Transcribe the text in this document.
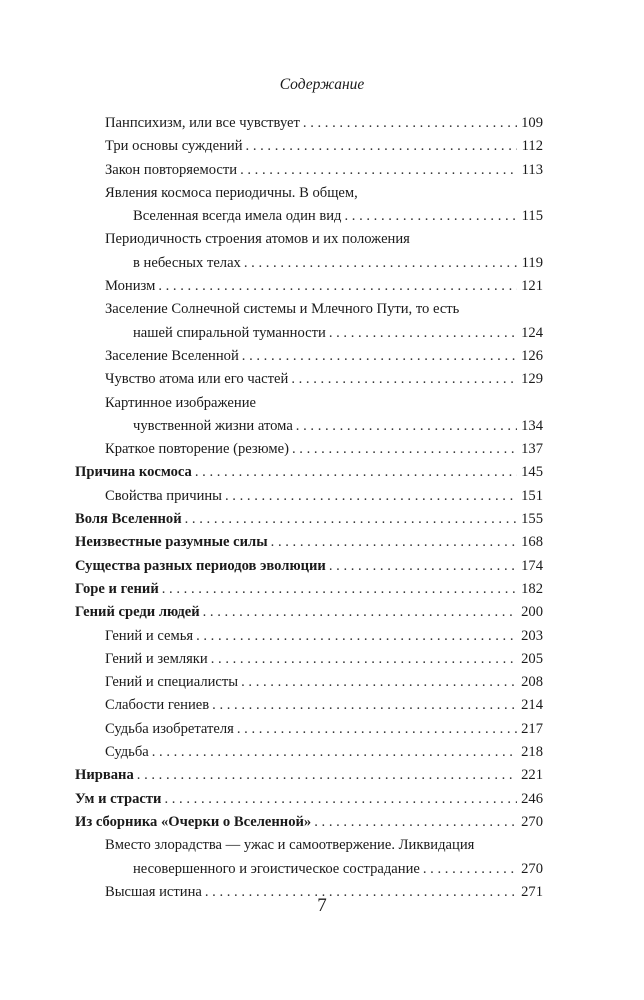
Содержание
Панпсихизм, или все чувствует . . .	109
Три основы суждений . . .	112
Закон повторяемости . . .	113
Явления космоса периодичны. В общем,
Вселенная всегда имела один вид . . .	115
Периодичность строения атомов и их положения
в небесных телах . . .	119
Монизм . . .	121
Заселение Солнечной системы и Млечного Пути, то есть
нашей спиральной туманности . . .	124
Заселение Вселенной . . .	126
Чувство атома или его частей . . .	129
Картинное изображение
чувственной жизни атома . . .	134
Краткое повторение (резюме) . . .	137
Причина космоса . . .	145
Свойства причины . . .	151
Воля Вселенной . . .	155
Неизвестные разумные силы . . .	168
Существа разных периодов эволюции . . .	174
Горе и гений . . .	182
Гений среди людей . . .	200
Гений и семья . . .	203
Гений и земляки . . .	205
Гений и специалисты . . .	208
Слабости гениев . . .	214
Судьба изобретателя . . .	217
Судьба . . .	218
Нирвана . . .	221
Ум и страсти . . .	246
Из сборника «Очерки о Вселенной» . . .	270
Вместо злорадства — ужас и самоотвержение. Ликвидация
несовершенного и эгоистическое сострадание . . .	270
Высшая истина . . .	271
7
